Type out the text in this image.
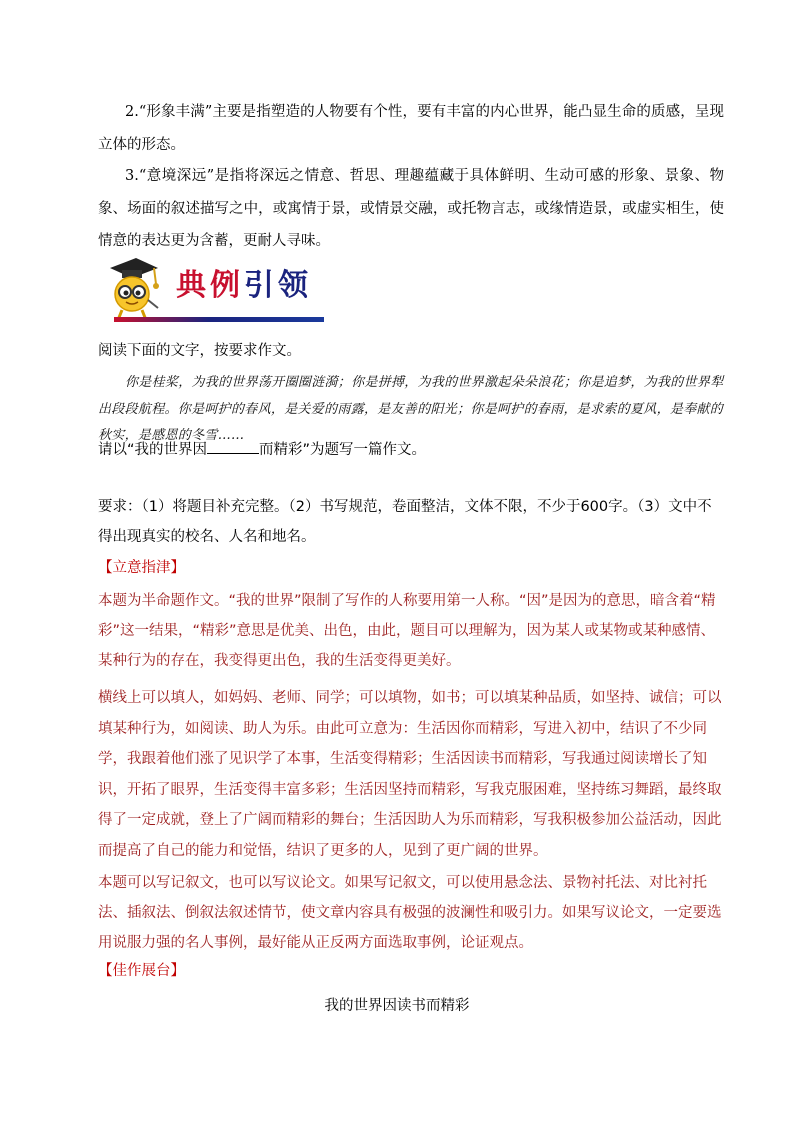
2.“形象丰满”主要是指塑造的人物要有个性，要有丰富的内心世界，能凸显生命的质感，呈现立体的形态。
3.“意境深远”是指将深远之情意、哲思、理趣蕴藏于具体鲜明、生动可感的形象、景象、物象、场面的叙述描写之中，或寓情于景，或情景交融，或托物言志，或缘情造景，或虚实相生，使情意的表达更为含蓄，更耐人寻味。
典例引领
阅读下面的文字，按要求作文。
你是桂桨，为我的世界荡开圈圈涟漪；你是拼搏，为我的世界激起朵朵浪花；你是追梦，为我的世界犁出段段航程。你是呵护的春风，是关爱的雨露，是友善的阳光；你是呵护的春雨，是求索的夏风，是奉献的秋实，是感恩的冬雪……
请以“我的世界因	而精彩”为题写一篇作文。
要求：（1）将题目补充完整。（2）书写规范，卷面整洁，文体不限，不少于600字。（3）文中不得出现真实的校名、人名和地名。
【立意指津】
本题为半命题作文。“我的世界”限制了写作的人称要用第一人称。“因”是因为的意思，暗含着“精彩”这一结果，“精彩”意思是优美、出色，由此，题目可以理解为，因为某人或某物或某种感情、某种行为的存在，我变得更出色，我的生活变得更美好。
横线上可以填人，如妈妈、老师、同学；可以填物，如书；可以填某种品质，如坚持、诚信；可以填某种行为，如阅读、助人为乐。由此可立意为：生活因你而精彩，写进入初中，结识了不少同学，我跟着他们涨了见识学了本事，生活变得精彩；生活因读书而精彩，写我通过阅读增长了知识，开拓了眼界，生活变得丰富多彩；生活因坚持而精彩，写我克服困难，坚持练习舞蹈，最终取得了一定成就，登上了广阔而精彩的舞台；生活因助人为乐而精彩，写我积极参加公益活动，因此而提高了自己的能力和觉悟，结识了更多的人，见到了更广阔的世界。
本题可以写记叙文，也可以写议论文。如果写记叙文，可以使用悬念法、景物衬托法、对比衬托法、插叙法、倒叙法叙述情节，使文章内容具有极强的波澜性和吸引力。如果写议论文，一定要选用说服力强的名人事例，最好能从正反两方面选取事例，论证观点。
【佳作展台】
我的世界因读书而精彩
